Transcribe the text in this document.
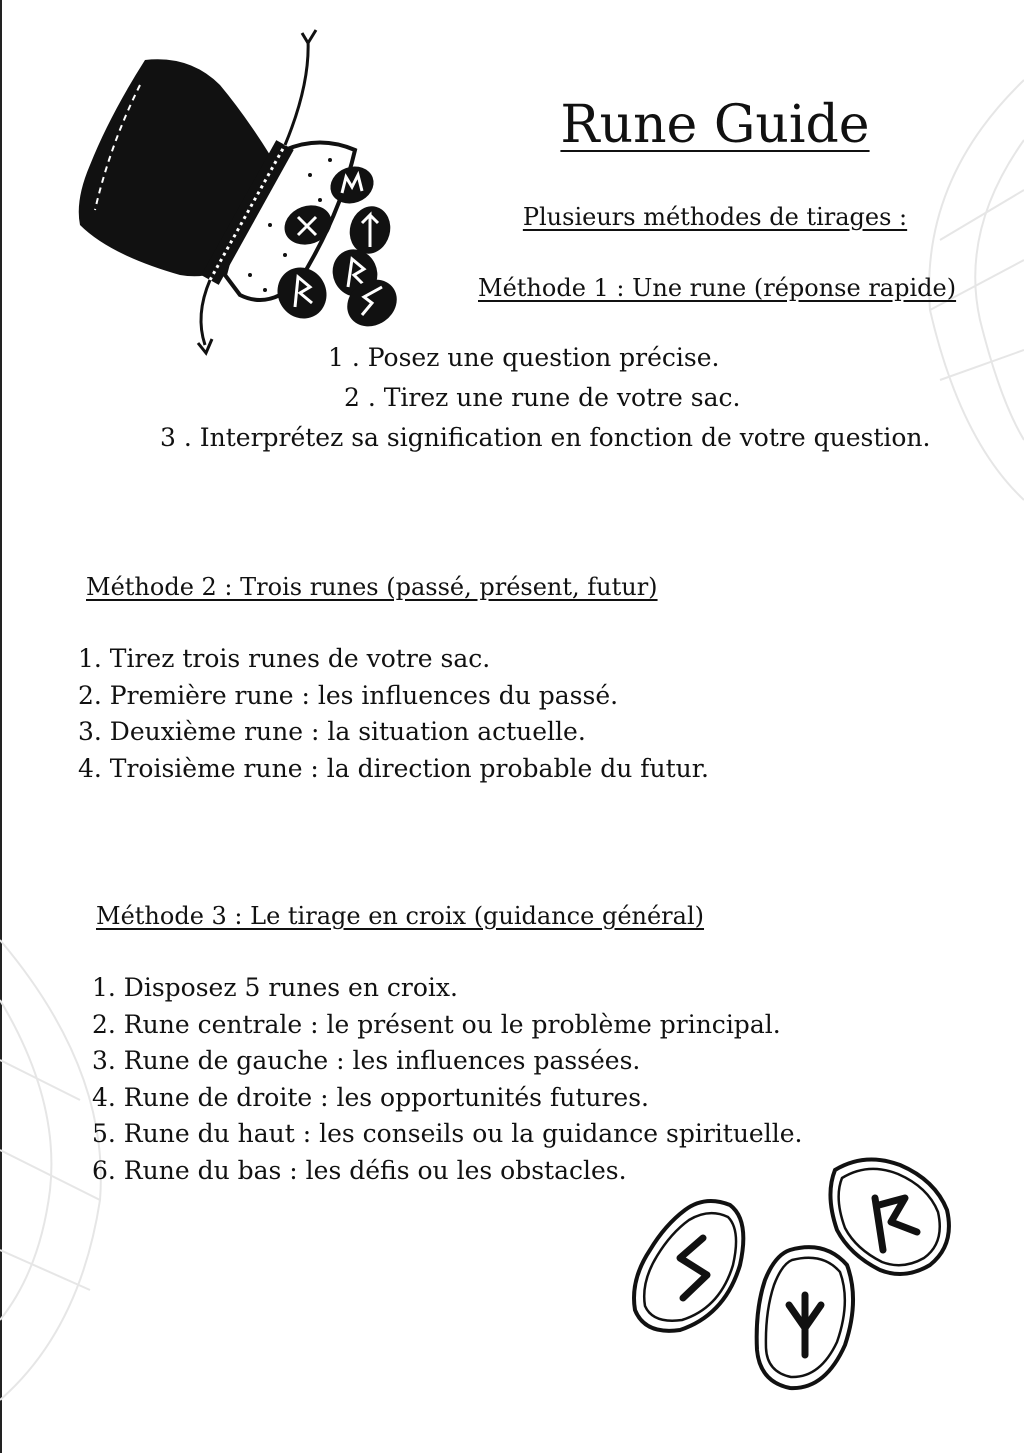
Rune Guide
Plusieurs méthodes de tirages :
Méthode 1 : Une rune (réponse rapide)
1 . Posez une question précise.
2 . Tirez une rune de votre sac.
3 . Interprétez sa signification en fonction de votre question.
Méthode 2 : Trois runes (passé, présent, futur)
1. Tirez trois runes de votre sac.
2. Première rune : les influences du passé.
3. Deuxième rune : la situation actuelle.
4. Troisième rune : la direction probable du futur.
Méthode 3 : Le tirage en croix (guidance général)
1. Disposez 5 runes en croix.
2. Rune centrale : le présent ou le problème principal.
3. Rune de gauche : les influences passées.
4. Rune de droite : les opportunités futures.
5. Rune du haut : les conseils ou la guidance spirituelle.
6. Rune du bas : les défis ou les obstacles.
